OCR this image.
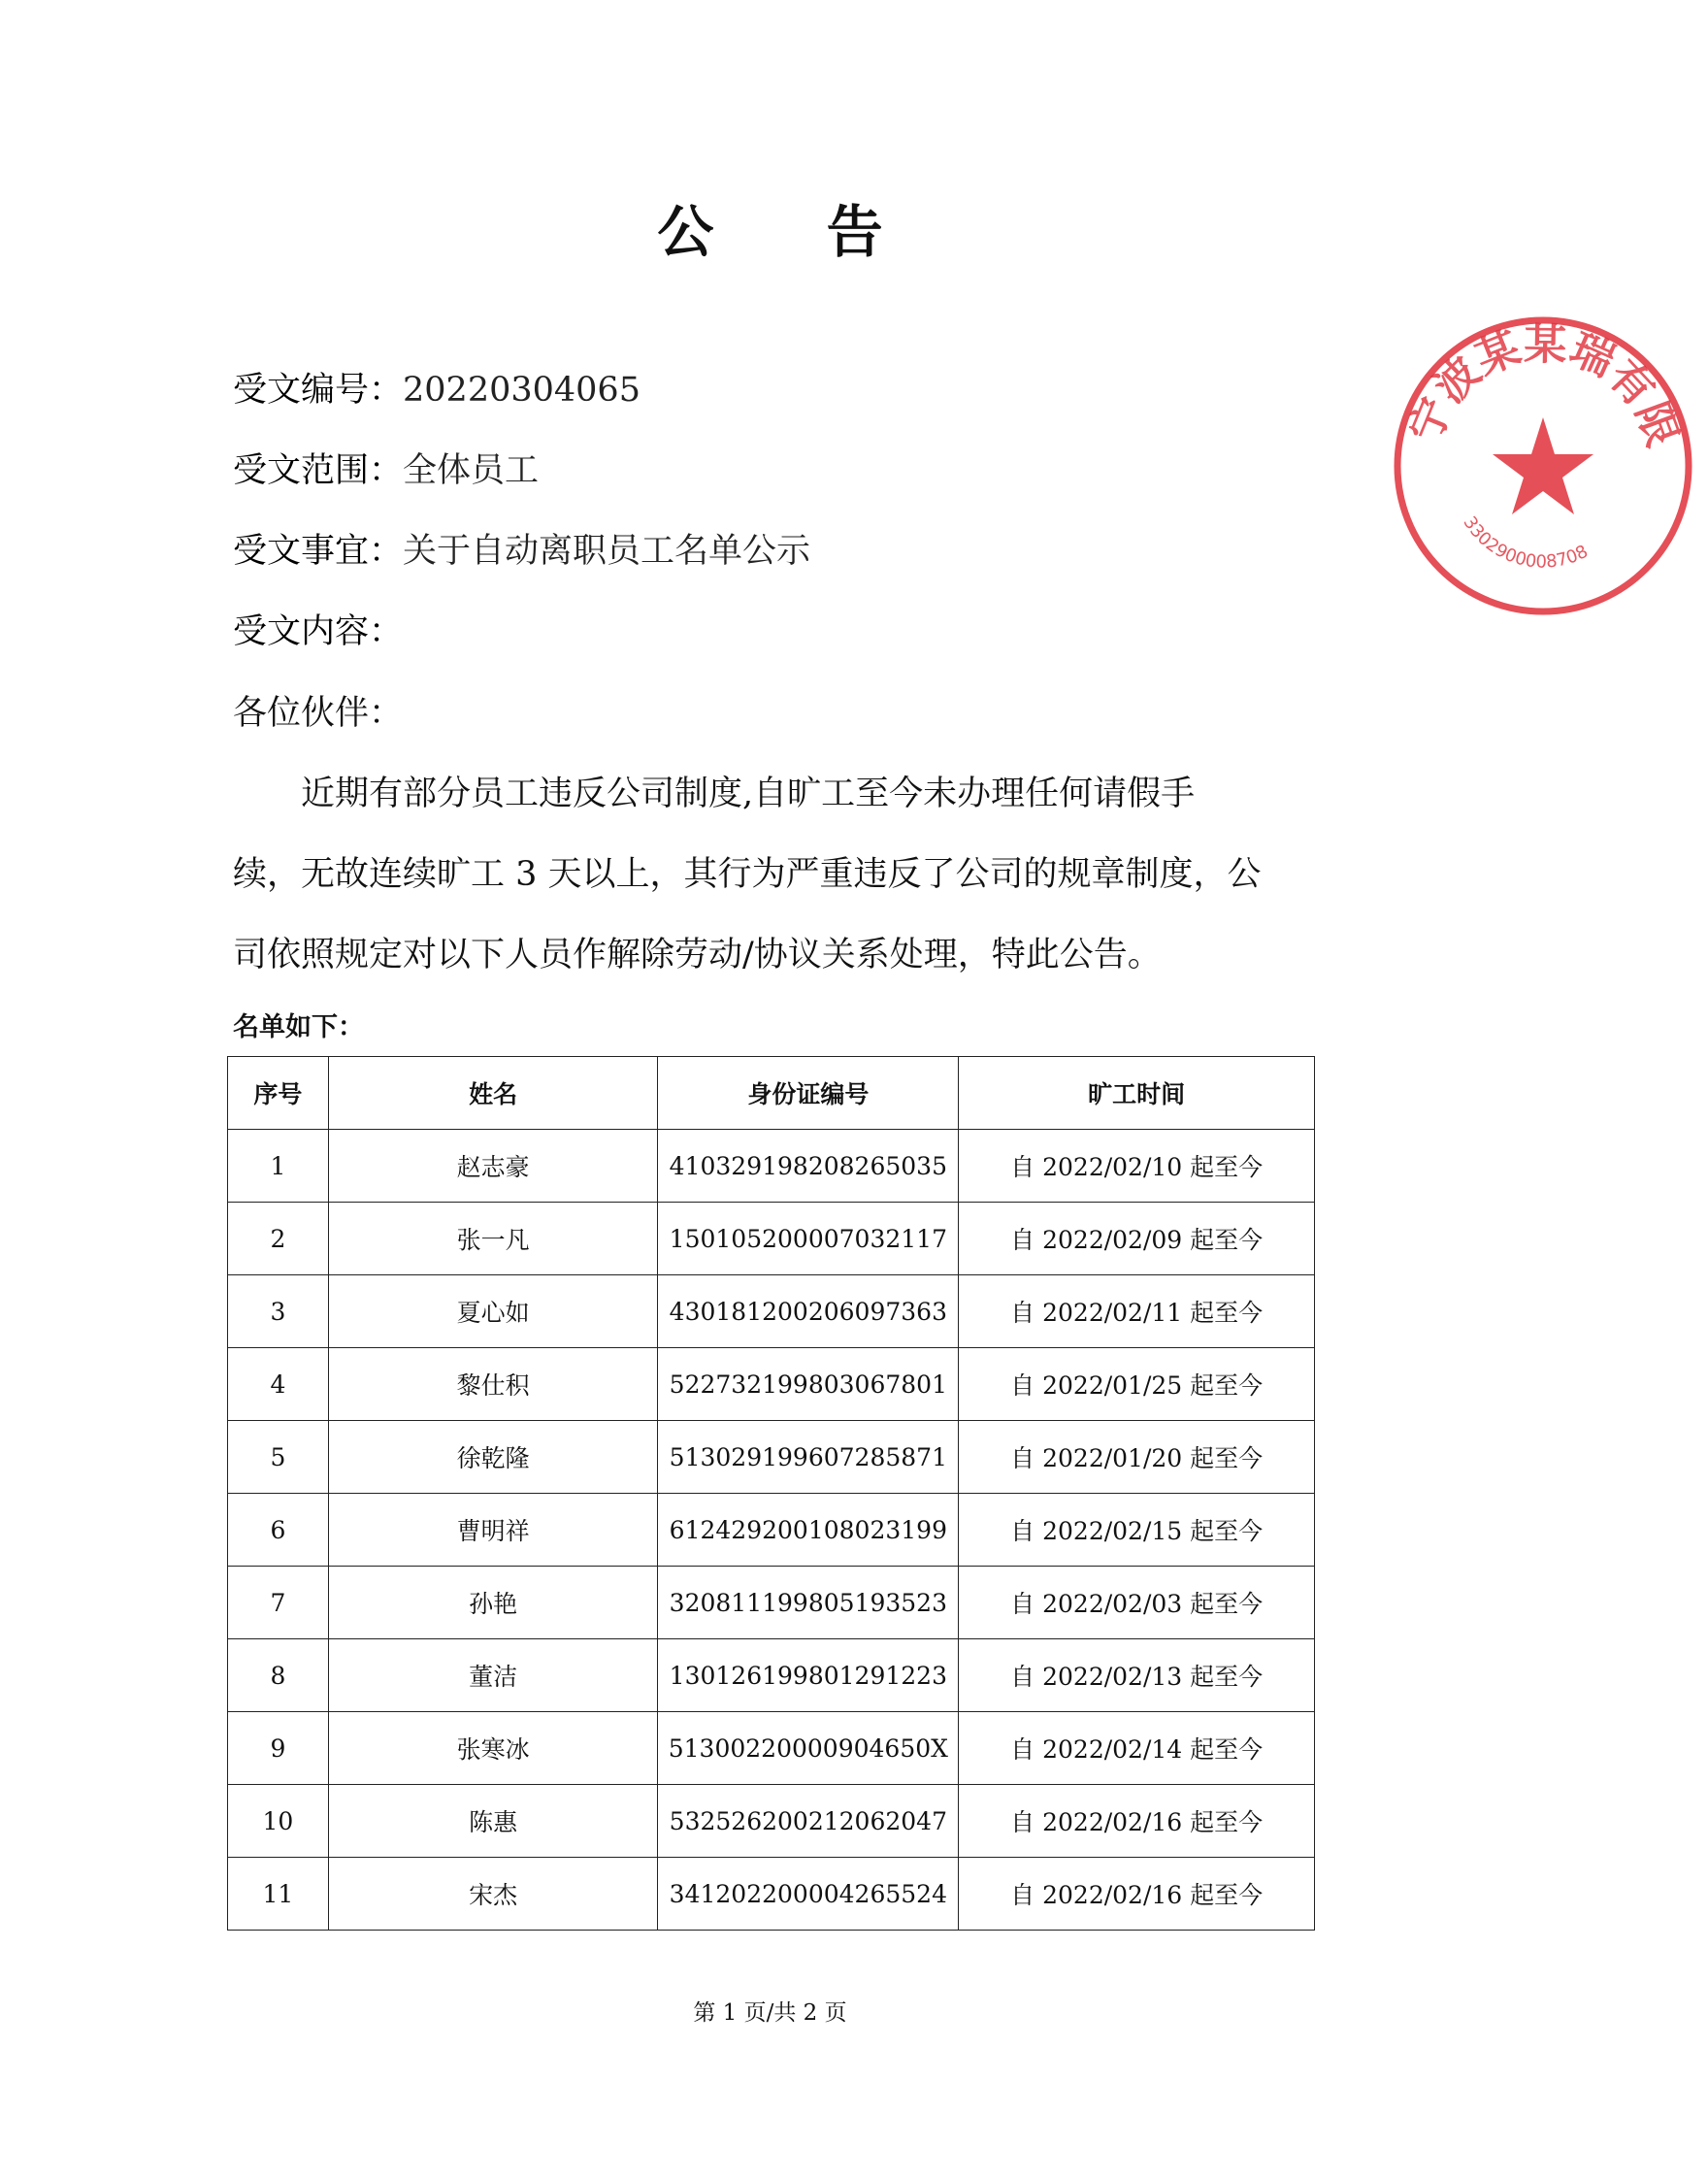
公 告
受文编号：20220304065
受文范围：全体员工
受文事宜：关于自动离职员工名单公示
受文内容：
各位伙伴：
　　近期有部分员工违反公司制度,自旷工至今未办理任何请假手
续，无故连续旷工 3 天以上，其行为严重违反了公司的规章制度，公
司依照规定对以下人员作解除劳动/协议关系处理，特此公告。
名单如下：
序号	姓名	身份证编号	旷工时间
1	赵志豪	410329198208265035	自 2022/02/10 起至今
2	张一凡	150105200007032117	自 2022/02/09 起至今
3	夏心如	430181200206097363	自 2022/02/11 起至今
4	黎仕积	522732199803067801	自 2022/01/25 起至今
5	徐乾隆	513029199607285871	自 2022/01/20 起至今
6	曹明祥	612429200108023199	自 2022/02/15 起至今
7	孙艳	320811199805193523	自 2022/02/03 起至今
8	董洁	130126199801291223	自 2022/02/13 起至今
9	张寒冰	51300220000904650X	自 2022/02/14 起至今
10	陈惠	532526200212062047	自 2022/02/16 起至今
11	宋杰	341202200004265524	自 2022/02/16 起至今
第 1 页/共 2 页
宁波某某瑞有限
3302900008708
